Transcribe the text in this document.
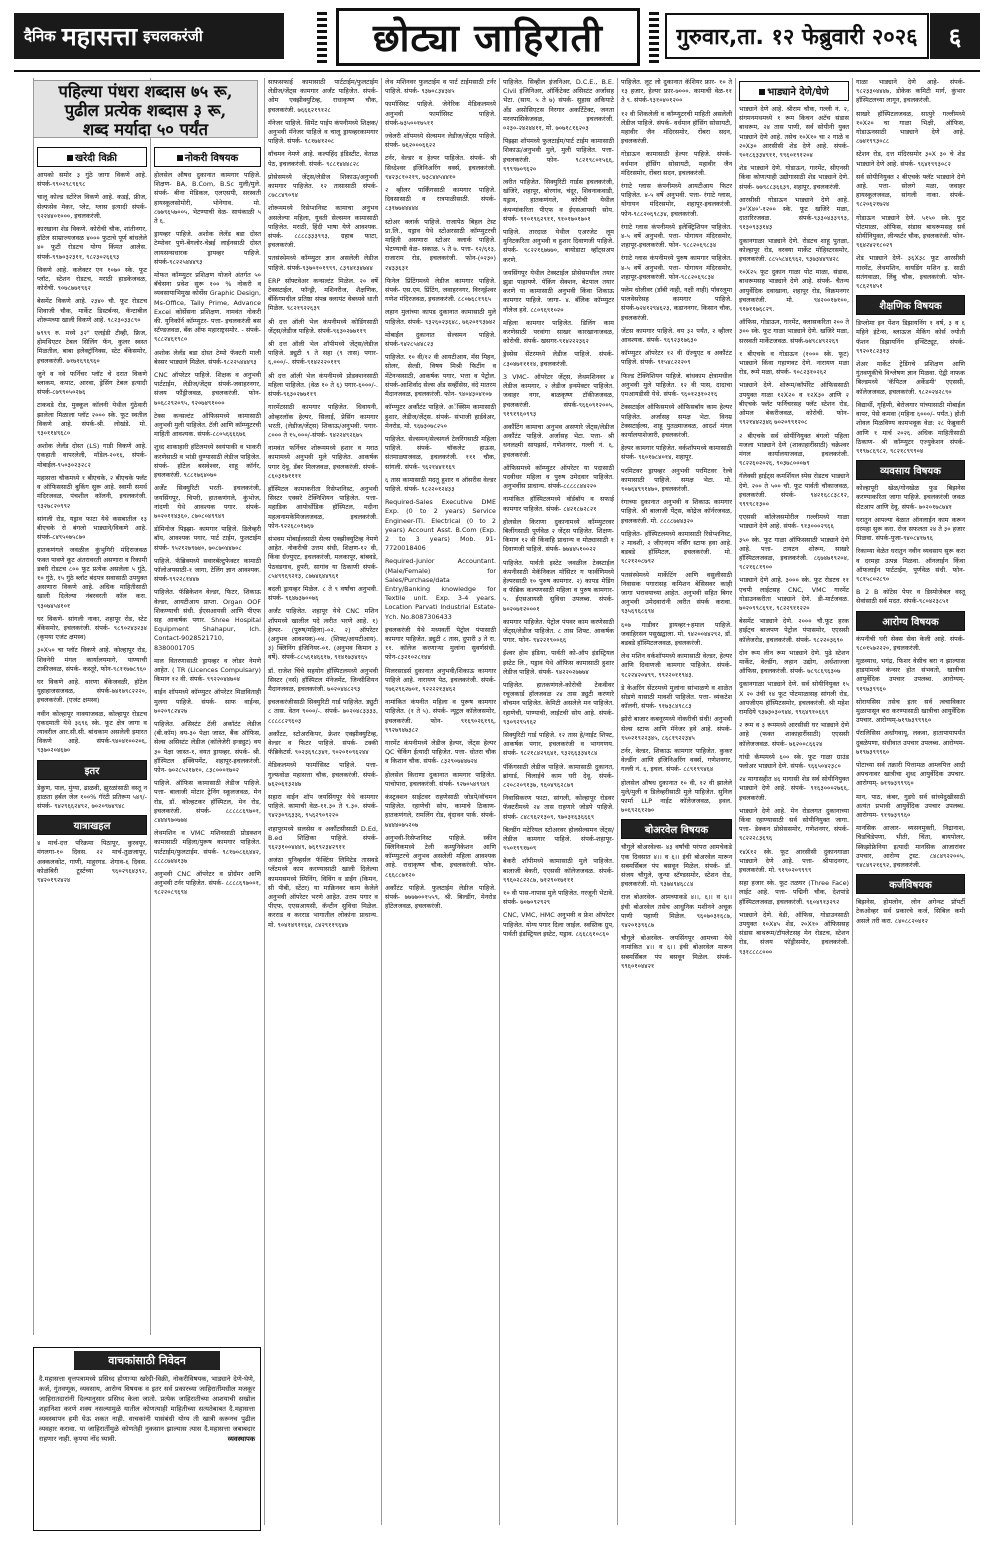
दैनिक महासत्ता इचलकरंजी	छोट्या जाहिराती	गुरुवार,ता. १२ फेब्रुवारी २०२६	६
पहिल्या पंधरा शब्दास ७५ रू,
पुढील प्रत्येक शब्दास ३ रू,
शब्द मर्यादा ५० पर्यंत
खरेदी विक्री

आयको समोर ३ गुंठे जागा विकणे आहे. संपर्क-९९०२९८९६९८

चालू कोल्ड स्टोरेज विकणे आहे. कडई, फ्रीज, सेल्फसेव मेकर, प्लेट, ग्लास इत्यादी संपर्क- ९२२४४०१०००, इचलकरंजी.

कारखाना शेड विकणे. कोरोची चौक, शांतीनगर, हॉटेल साम्राज्यजवळ ४००० फुटाचे पूर्ण बांधलेले ४० फूटी रोडटच योग्य किंमत आलेस. संपर्क-९९७०३२३११, ९८२३०२६६९३

विकणे आहे. कलेक्टर एन १०७० स्के. फूट प्लॉट, स्टेशन रोडटच, मराठी हाडकेजवळ, कोरोची. ९०७८७७१९६२

बेसमेंट विकणे आहे. २३४० चौ. फूट रोडटच शिवाजी चौक, मार्केट डिस्टर्बन्स, कॅन्टाबील शोरूमच्या खाली विकणे आहे. ९८२३०३३८९०

७९९९ रु. मध्ये ३२" एलईडी टीव्ही, फ्रिज, होमथिएटर टेबल सिलिंग फॅन, कुलर स्वस्त मिळतील, बाबा इलेक्ट्रॉनिक्स, स्टेट बँकेसमोर, इचलकरंजी. ७१७१६९६९६०

जुने व नवे फर्निचर प्लॉट चे दरात विकणे ब्लाकम, कपाट, आरवा, ड्रेसिंग टेबल इत्यादी संपर्क-८७९९०५०२७६

टाकवडे रोड, मुक्कूल कॉलनी येथील गुंठेवारी झालेला मिळाला प्लॉट २००० स्के. फूट स्वतील विकणे आहे. संपर्क-श्री. लोखंडे. मो. ९३०११४९६८०

अशोक लेलँड दोस्त (LS) गाडी विकणे आहे. एकहाती वापरलेली, मॉडेल-२०१६, संपर्क-मोबाईल-९५०३०२३२८२

महासत्ता चौकमध्ये १ बीएचके, २ बीएचके फ्लॅट व ऑफिससाठी बुकिंग सुरू आहे. स्वामी समर्थ मंदिरजवळ, पंचशील कॉलनी, इचलकरंजी. ९३२७८२०९९२

सांगली रोड, यड्राव फाटा येथे कसबातील १३ बीएचके रो बंगलो भाड्याने/विकणे आहे. संपर्क-८४९५०७५८७०

हातकणंगले जवळील कुंभुगिरी मंदिराजवळ फक्त पावणे कूट अंतरावरती असणारा व रिकामी डबरी रोडटच ८०० फूट प्रत्येक असलेला ५ गुंठे, १० गुंठे, १५ गुंठे ब्लॉट बंदपत्र सवासाठी उपयुक्त असणारा विकणे आहे. अधिक माहितीसाठी खाली दिलेल्या नंबरवरती कॉल करा. ९३०७४५४१०१

घर विकणे- सांगली नाका, शहापूर रोड, स्टेट बँकेसमोर, इचलकरंजी. संपर्क- ९८९०२४३२३४ (कृपया एजंट क्षमस्व)

३०X५० चा प्लॉट विकणे आहे. कोल्हापूर रोड, शिवनेरी मंगल कार्यालयमागे, पाण्याची टाकीजवळ, संपर्क- कस्तूरे, फोन-९८११७७८९६०

घर विकणे आहे. वारणा बँकेजवळी, हॉटेल युहाहाजसजवळ, संपर्क-७४१७९८२२२०, इचलकरंजी. (एजंट क्षमस्व)

नवीन कोल्हापूर नाक्याजवळ, कोल्हापूर रोडटच एकदमाती येथे ३६९६ स्के. फूट क्षेत्र जागा व त्यावरील आर.सी.सी. बांधकाम असलेली इमारत विकणे आहे. संपर्क-९४०४१००२०६, ९३७०२०४६७०

इतर

डेकुण, पाल, मुंग्या, ढाळवी, झुरळांसाठी वस्तू न हाळता हर्बल जेल १००% गॅरंटी प्रतिरूम ५४९/- संपर्क- ९४२९६६२४९२, ७०२०९७४९४८

यात्राखहल

४ मार्च-दत्त परिक्रमा पिठापूर, कुरवपूर, मंगलगा-१० दिवस. २२ मार्च-तुळजापूर, अक्कलकोट, गाणी, माहूरगड. शेगाव-६ दिवस. कोळंबिरी टूर्स्टच्या ९६०२९६४३९२, ९४२०१९२४२४

नोकरी विषयक

होलसेल औषध दुकानात कामगार पाहिजे. शिक्षण- BA, B.Com, B.Sc मुली/मुले. संपर्क- बीना मेडिकल, एलएसपी, सरस्वती हायस्कूलसोमोरी, भोनेगाव. मो. ८७७९६५७००५, भेटण्याची वेळ- सायंकाळी ५ ते ६.

ड्रायव्हर पाहिजे. अशोक लेलँड बडा दोस्त टेम्पोवर पुणे-बेंगलोर-चेन्नई लाईनसाठी दोस्त लायसन्सधारक ड्रायव्हर पाहिजे. संपर्क-९८२२५४४४९३

मोफत कॉम्प्युटर प्रशिक्षण योजने अंतर्गत ५० बॅचेसना प्रवेश सुरू १०० % नोकरी व व्यवसायाभिमुख कोर्सेस Graphic Design, Ms-Office, Tally Prime, Advance Excel कोर्सेसना प्रशिक्षण. नामवंत नोकरी की. युनिकॉर्न कॉम्प्युटर- पत्ता- इचलकरंजी बस स्टॅण्डजवळ, बँक ऑफ महाराष्ट्रसमोर. - संपर्क- ९८८२४६१९८०

अशोक लेलँड बडा दोस्त टेम्पो फॅक्टरी माली बेस्सर भाड्याने मिळेल. संपर्क-९८२२५४४४९३

CNC ऑपरेटर पाहिजे. शिक्षक व अनुभवी पार्टटाईम, लेडीज/जेंट्स संपर्क-जवाहरनगर, संजय फौंड्रीजवळ, इचलकरंजी. फोन- ७०६८२९२०९५, ९२०७४९१०००

टेक्स कन्सल्टंट ऑफिसमध्ये कामासाठी अनुभवी मुली पाहिजेत. टॅली आणि कॉम्प्युटरची माहिती आवश्यक. संपर्क-८८०५६६६६७६

शुध्द शाकाहारी हॉटेलमध्ये स्वयंपाकी व भाकरी करणेसाठी व भांडी धुण्यासाठी लेडीज पाहिजेत. संपर्क- हॉटेल बसवेश्वर, शाहू कॉर्नर, इचलकरंजी. ९८८१७६४०७०

अर्जेंट सिक्युरिटी भरती- इचलकरंजी, जयसिंगपूर, चिपरी, हातकणंगले, कुंभोज, नांदणी येथे आवश्यक पगार. संपर्क- ७०२०११४३६०, ८७०८०४९९४९

डोमिनोज पिझ्झा- कामगार पाहिजे. डिलेव्हरी बॉय, आवश्यक पगार, पार्ट टाईम, फुलटाईम संपर्क- ९५२१२७९७४०, ७०८७०४४७०८

पाहिजे. फॅब्रिक्मध्ये सवारबॅल्टुफेक्टर कामाठी फॉलोअपसाठी-१ जागा, टेलिंग ज्ञान आवश्यक. संपर्क-९९२२८१४४७

पाहिजेत. फॅब्रिकेशन वेल्डर, फिटर, शिकाऊ वेल्डर, आयटीआय प्राप्ता. Organ OOF शिकण्याची संधी. ईएसआयसी आणि पीएफ सह आकर्षक पगार. Shree Hospital Equipment Shahapur, Ich. Contact-9028521710, 8380001705

माल वितरणासाठी ड्रायव्हर व लोडर नेमणे आहेत. ( TR (Licences Compulsary) किमान १२ वी. संपर्क- ९९२२०४४७०४

वाईन शॉपमध्ये कॉम्प्युटर ऑपरेटर मिळविताही मुलगा पाहिजे. संपर्क- साफ वाईन्स, ७०२०९८२४२७

पाहिजेत. असिस्टंट टॅली अकॉटंट लेडीज (बी.कॉम) वय-३० पेक्षा जास्त, बैंक ऑफिस, सेल्स असिस्टंट लेडीज (कॉलेजेरी इन्ड्युट) वय ३० पेक्षा जास्त-१, वयत ड्रायव्हर. संपर्क- श्री. हॉस्पिटल इक्विपमेंट, शहापूर-इचलकरंजी. फोन- ७०२८५२१७१०, ८३८०००१७०२

पाहिजे. ऑफिस कामासाठी लेडीज पाहिजे. पत्ता- बालाजी मोटार ट्रेनिंग स्कूलजवळ, मेन रोड, डॉ. कोल्हटकर हॉस्पिटल, मेन रोड, इचलकरंजी. संपर्क- ८८८८८६९७०१, ८४४४९७०७७४

लेथमशिन व VMC मशिनसाठी प्रोडक्शन कामासाठी महिला/पुरूष कामगार पाहिजेत. पार्टटाईम/फुलटाईम. संपर्क- ९८१७०८६६४४२, ८८८८७४४१३७

अनुभवी CNC ऑपरेटर व प्रोग्रॅमर आणि अनुभवी टर्नर पाहिजेत. संपर्क- ८८८८६९७००१, ९८२२०८९६९४

साफसफाई कामासाठी पार्टटाईम/फुलटाईम लेडीज/जेंट्स कामगार अर्जंट पाहिजेत. संपर्क- ओम एक्झीक्युटिव्ह, राधाकृष्ण चौक, इचलकरंजी. ७६६६२१९१२८

मॅनेजर पाहिजे. सिमेंट पाईप कंपनीमध्ये शिक्षक/अनुभवी मॅनेजर पाहिजे व चालू ड्रायव्हरकामगार पाहिजे. संपर्क- ९८१७४१२०८

वॉचमन नेमणे आहे. कल्पहिंद इंडिस्टीट, वेताळ पेठ, इचलकरंजी. संपर्क- ९८८१४४४८२८

प्रोसेसमध्ये जेंट्स/लेडीज शिकाऊ/अनुभवी कामगार पाहिजेत. १२ तासासाठी संपर्क- ८७८८४९०९४

शोरूममध्ये रिसेप्शनिस्ट कामाचा अनुभव असलेल्या महिला, युवती सेल्समन कामासाठी पाहिजेत. मराठी, हिंदी भाषा येणे आवश्यक. संपर्क- ८८८८३३३९९३, ग्रहाब फाटा, इचलकरंजी.

पतसंस्थेमध्ये कॉम्प्युटर ज्ञान असलेली लेडीज पाहिजे. संपर्क-९३७०१०१९९९, ८३९४१३४७४४

ERP सॉफ्टवेअर कन्सल्टंट मिळेल. २० वर्षे टेक्सटाईल, फॉन्ड्री, मशिनरीज, शैक्षणिक, बँकिंगमधील प्रतिष्ठा संपन्न क्लायंट वेबध्यवे धाती मिळेल. ९८२१९२२६३९

श्री दत्त ऑली भेल कंपनीमध्ये कोडिंगसाठी जेंट्स/लेडीज पाहिजे. संपर्क-९६३०२७७११९

श्री दत्त ऑली भेल शॉपीमध्ये जेंट्स/लेडीज पाहिजे. ड्युटी ९ ते सहा (९ तास) पगार- ६,०००/-. संपर्क-९१४२२२०११९

श्री दत्त ऑली भेल कंपनीमध्ये प्रोडक्शनसाठी महिला पाहिजेत. (वेळ १० ते ६) पगार-६०००/-. संपर्क-९६३०२७७११९

गारमेंटसाठी कामगार पाहिजेत. धिवायनी, ओव्हरलॉक हेल्पर, सिलाई, प्रेसिंग कामगार भरती, (लेडीज/जेंट्स) शिकाऊ/अनुभवी. पगार- ८००० ते १५,०००/-संपर्क- ९४२२४९२६७५

नामवंत फर्निचर शोरूममध्ये हशार व मराठ कामामध्ये अनुभवी मुले पाहिजेत. आकर्षक पगार देवू. डॅबर मिलजवळ, इचलकरंजी. संपर्क- ८६०३१७११११

हॉस्पिटल कामाकरीता रिसेप्शनिस्ट, अनुभवी सिस्टर एक्सरे टेक्निशियन पाहिजेत. पत्ता- महाडिक आयोर्थोडिक हॉस्पिटल, मदीना महत्वनामकेमिजलजवळ, इचलकरंजी. फोन-९२२६८०१७६७

संभवम मोबाईलसाठी सेल्स एक्झीक्युटिव्ह नेमणे आहेत. नोकरीची उत्तम संधी, शिक्षण-१२ वी, किंवा ग्रॅज्युएट, इचलकरंजी, मलकापूर, बांबवडे, पेठवडगाव, हुपरी, सागांव या ठिकाणी संपर्क- ८५४९९६९२१३, ८७७४६४४९६१

बदली ड्रायव्हर मिळेल. ८ ते ९ वर्षांचा अनुभवी. संपर्क- ९६४७३७००७६

अर्जंट पाहिजेत. शहापूर येथे CNC मशिन शॉपमध्ये खालील पदे त्वरीत भरणे आहे. १) हेल्पर- (पुरुष/महिला)-०२. २) ऑपरेटर (अनुभव आवश्यक)-०४. (शिफ्ट/आयटीआय). ३) क्लिनिंग इंजिनियर-०१. (अनुभव किमान ३ वर्षे). संपर्क-८८५६१४६६१७, ९१४१७३४१६५

डॉ. राजेश चिंचे सहयोग हॉस्पिटलमध्ये अनुभवी सिस्टर (नर्स) हॉस्पिटल मॅनेजमेंट, जिन्सीशियन मैदानजवळ, इचलकरंजी. ७०२०४४८२९३

इचलकरंजीसाठी सिक्युरिटी गार्ड पाहिजेत. ड्युटी ८ तास. वेतन ९०००/-. संपर्क- ७०२०४८३३३३, ८८८८८२९६०३

अकौंटट, स्टोअरकिपर, फ्रेशर एक्झीक्युटिव्ह, वेल्डर व फिटर पाहिजे. संपर्क- टक्की फॅब्रिकेटर्स. ९०२३६९८३४१, ९०२०१०९६२४४

मेडिकलमध्ये फार्मासिस्ट पाहिजे. पत्ता- गुल्फवोळ महासत्ता चौक, इचलकरंजी. संपर्क- ७६२०६१३२४७

सहारा वाईन शॉप जयसिंगपूर येथे कामगार पाहिजे. कामाची वेळ-११.३० ते ९.३०. संपर्क- ९४२३०९६३३६, ९५६२९०९२२०

शहापुरमध्ये सलसेस व अकौंटसीसाठी D.Ed, B.ed शिक्षिका पाहिजे. संपर्क- ९६२३१००४४४९, ७६१९२३४२९११

अजंठा युनिव्हर्सल फॅक्टिंस लिमिटेड तासवडे प्लँटमध्ये काम करण्यासाठी खाली दिलेल्या काममसमध्ये स्पिनिंग, विविंग व डाईंग (किमन, सी पीबी, स्टेंटर) या माक्रिनवर काम केलेले अनुभवी ऑपरेटर भरणे आहेत. उत्तम पगार व पीएफ, एएसआयसी, कॅन्टीन सुविधा मिळेल. करराड व करराड भागातील लोकांना प्राधान्य. मो. ९०४१४९११६४, ८४२९११९६४७

लेथ मशिनवर फुलटाईम व पार्ट टाईमसाठी टर्नर पाहिजे. संपर्क- ९३७०८३४३४५

फार्मासिस्ट पाहिजे. जेनेरिक मेडिकलमध्ये अनुभवी फार्मासिस्ट पाहिजे. संपर्क-७३५००१७५११

ज्वेलरी शॉपमध्ये सेल्समन लेडीज/जेंट्स पाहिजे. संपर्क- ७६२०००६६२२

टर्नर, वेल्डर व हेल्पर पाहिजेत. संपर्क- श्री सिध्देश्वर इंजिनिअरिंग वर्क्स, इचलकरंजी. ९४२३८१०२१९, ७३८४४५४४१०

२ व्हीलर पार्किंगसाठी कामगार पाहिजे. दिवसासाठी व रात्रपाळीसाठी. संपर्क- ८३१७७४४४४४

स्टोअर क्लार्क पाहिजे. राजापेठ बिहल टेस्ट प्रा.लि., यड्राव येथे स्टोअरसाठी कॉम्प्युटरची माहिती असणारा स्टोअर क्लार्क पाहिजे. भेटण्याची वेळ- सकाळ. ५ ते ७. पत्ता- १२/६१३, राजाराम रोड, इचलकरंजी. फोन-(०२३०) २४३३६३१

फिनेल प्रिंटिंगमध्ये लेडीज कामगार पाहिजे. संपर्क- एस.एम. प्रिंटिंग, जवाहरनगर, विरन्ईश्वर गणेश मंदिरजवळ, इचलकरंजी. ८८०७६८१९६५

लहान मुलांच्या कापड दुकानात कामासाठी मुले पाहिजेत. संपर्क- ९३२६०२३६४८, ७६२०१९३७४२

मोबाईल दुकानात सेल्समन पाहिजे. संपर्क-९४२८५४४८२३

पाहिजेत. १० वी/१२ वी आयटीआय, मॅस मिहन, सोलर, सेल्डी, विषय मिश्री फिटींग व मेंटेनन्ससाठी, आकर्षक पगार, भत्ता व पेट्रोल. संपर्क-आशिर्वाद सेल्स अँड सर्व्हीसेस, वंदे मातरम मैदानजवळ, इचलकरंजी. फोन- ९४०४३०४१०७

कॉम्प्युटर अकौंटंट पाहिजे. अॅक्सिम कामासाठी हुशार, लेडीज/जेंट्स. संपर्क- संभाजी हार्डवेअर, मेनरोड, मो. ९६७३०७८२५०

पाहिजेत. सेल्समन/सेल्सगर्ल टेलरिंगसाठी महिला पाहिजे. संपर्क- चॉकलेट हाऊस, संतमाळ्याजवळ, इचलकरंजी. १११ चाैक, सांगली. संपर्क- ९६२१४४११६९

६ तास कामासाठी मदतू हुशार व ऑसरीस वेल्डर पाहिजे. संपर्क- ९८२२०१२४३३

Required-Sales Executive DME Exp. (0 to 2 years) Service Engineer-ITI. Electrical (0 to 2 years) Account Asst. B.Com (Exp. 2 to 3 years) Mob. 91-7720018406

Required-Junior Accountant. (Male/Female) for Sales/Purchase/data Entry/Banking knowledge for Textile unit. Exp. 3-4 years. Location Parvati Industrial Estate-Ych. No.8087306433

इचलकरंजी येथे मध्यवर्ती पेट्रोल पंपासाठी कामगार पाहिजेत. ड्युटी ८ तास, दुपारी ३ ते रा. ११. कॉलेज करणाऱ्या मुलांना सुवर्णसंधी. फोन-८३२१०२८१४४

मिलरसाडर्स दुकानात अनुभवी/शिकाऊ कामगार पाहिजे आहे. नारायण पेठ, इचलकरंजी. संपर्क- ९७६२९६२७०१, ९२२२२१३४६२

नामांकित कंपनीत महिला व पुरूष कामगार पाहिजेत. (१ ते ५). संपर्क- न्यूट्रल कॉलेजसमोर, इचलकरंजी. फोन- ९१६९०२६१९६, ९९२७९४७३८२

गारमेंट कंपनीमध्ये लेडीज हेल्पर, जेंट्स हेल्पर QC चेकिंग ईत्यादी पाहिजेत. पत्ता- धोतरा चौक व किशान चौक. संपर्क- ८३२९०७४४७२४

होलसेल किराणा दुकानात कामगार पाहिजेत. पाचोपारा, इचलकरंजी. संपर्क- ९२७०५४९९४९

कंस्ट्रक्शन साईटवर राहणेसाठी जोडपे/वॉचमन पाहिजेत. रहाणेची सोय, कामाचे ठिकाण-हातकणंगले, रामलिंग रोड, वृंदावन पार्क. संपर्क- ७४४४०७५२०७

अनुभवी-रिसेप्शनिस्ट पाहिजे. स्कीन क्लिनिकमध्ये टेली कम्युनिकेशन आणि कॉम्प्युटरचे अनुभव असलेली महिला आवश्यक आहे. राधाकृष्ण चौक, इचलकरंजी. फोन- ८६६८८७१२०

अकौंटंट पाहिजे. फुलटाईम लेडीज पाहिजे. संपर्क- ७७७७००१५५९, श्री. बिल्डींग, मेनरोड हॉटेलजवळ, इचलकरंजी.

पाहिजेत. सिव्हील इंजनिअर, D.C.E., B.E. Civil इंजिनिअर, ऑर्किटेक्ट असिस्टंट अर्जासह भेटा. (साय. ५ ते ७) संपर्क- सुहास अकियाटे अँड असोसिएटस निरगार अकर्टिटेक्ट, जनता मरनपासिकेजवळ, इचलकरंजी. ०२३०-२४२४४११, मो. ७०७१८१६२०३

पिझ्झा शॉपमध्ये फुलटाईम/पार्ट टाईम कामासाठी शिकाऊ/अनुभवी मुले, मुली पाहिजेत. पत्ता- इचलकरंजी. फोन- ९८२१९८०१५६६, ९९९९७०९६२०

त्वरीत पाहिजेत. सिक्युरिटी गार्डस इचलकरंजी, खंजिरे, शहापूर, बोरगांव, चंदूर, शिवनाकवाडी, यड्राव, हातकणंगले, कोरोची येथील कंपन्यांकरिता पीएफ व ईएसआयसी सोय. संपर्क- ९१०१९६२९११, ९१०१७०१७०१

पाहिजे. तारदाळ येथील एअरजेट लूम युनिटकरिता अनुभवी व हुशार दिवाणजी पाहिजे. संपर्क- ९८२२१६७७७०, बायोडाटा व्हॉट्सअप करणे.

जयसिंगपूर येथील टेक्स्टाईल प्रोसेसमधील तयार झुडा पाहायणे. पॅकिंग सेक्शन, बेटपाल तयार करणे या कामासाठी अनुभवी किंवा शिकाऊ कामगार पाहिजे. जागा- ४. बॅलिक कॉम्प्युटर नॉलेज हवे. ८८०९६९१०२०

महिला कामगार पाहिजेत. डिलिंग काम करणेसाठी परवांगा साखर कारखानाजवळ, कोरोची. संपर्क- खसगर-९१४२२२३६२

ड्रेस्सेस सेंटरमध्ये लेडीज पाहिजे. संपर्क- ८३०४७११११४, इचलकरंजी.

3 VMC- ऑपरेटर जेंट्स, लेथमशिनवर ४ लेडीज कामगार, २ लेडीज इन्स्पेक्टर पाहिजेत. जवाहर नगर, बाळकृष्ण टॉकीजजवळ, इचलकरंजी. संपर्क-९६६०९१२००५, ९१९१९६०९९३

अकौंटिंग कामाचा अनुभव असणारे जेंट्स/लेडीज अकौंटंट पाहिजे. अर्जासह भेटा. पत्ता- श्री धनलक्ष्मी सायझर्स, गणेशनगर, गल्ली नं. ६, इचलकरंजी.

ऑफिसमध्ये कॉम्प्युटर ऑपरेटर या पदासाठी पदवीधर महिला व पुरुष उमेदवार पाहिजेत. अनुभवींस प्राधान्य. संपर्क-८८८८८४४२२०

नामांकित हॉस्पिटलमध्ये वॉर्डबॉय व सफाई कामगार पाहिजेत. संपर्क- ८४२१८७२८२१

होलसेल किराणा दुकानामध्ये कॉम्प्युटरवर बिलींगसाठी पूर्णवेळ २ जेंट्स पाहिजेत. शिक्षण- किमान १२ वी किंवाहि प्राधान्य व मोठ्यासाठी १ दिवाणजी पाहिजे. संपर्क- ७७४४५१००२२

पाहिजेत. पार्वती इस्टेट जवळील टेक्स्टाईल कंपनीसाठी मेकॅनिकल मॉसिटर ग फार्वणिमध्ये हेल्परसाठी १० पुरुष कामगार. २) कापड मेडिंग व फॅब्रिक कल्पणसाठी महिला व पुरुष कामगार- ५. ईएसआयसी सुविधा उपलब्ध. संपर्क- ७०२०७१२०००१

कामगार पाहिजेत. पेट्रोल पंपवर काम करणेसाठी जेंट्स/लेडीज पाहिजेत. ८ तास शिफ्ट. आकर्षक पगार. फोन- ९४२२१९००६६

ईश्वर होम इंडिया, पार्वती को-ऑप इंडस्ट्रियल इस्टेट लि., यड्राव येथे ऑफिस कामासाठी हुशार लेडीज पाहिजे. संपर्क- ९४२२०२७७७४

पाहिजेत. हातकणंगले-कोरोची टेकवीवर रचूजकार्ड हॉलजवळ २४ तास ड्युटी करणारे वॉचमन पाहिजेत. केमिटी असलेले मन पाहिजेत. रहाणेची, पाण्याची, लाईटची सोय आहे. संपर्क- ९३०९२९५९६२

सिक्युरिटी गार्ड पाहिजे. १२ तास हे/नाईट शिफ्ट, आकर्षक पगार, इचलकरंजी व भागगणय. संपर्क- ९८२१८४२९६४१, ९३२६६३३४१८४

पॅकिंगसाठी लेडीज पाहिजे. कामासाठी दुकानत, ब्रांगार्ड, चिलाईचे काम घरी देवू. संपर्क- ८२०८२०९१३७, ९६०४९६२८७९

निवासिकरण फाटा, सांगली, कोल्हापूर रोडवर फॅक्टरीमध्ये २४ तास राहणारे जोडपे पाहिजे. संपर्क- ८४८९६२१३०९, ९७०३१६३६६६९

बिल्डींग मटेरियल स्टोअरवर होलसेल्समन जेंट्स/लेडीज कामगार पाहिजे. संपर्क-शहापूर- ९५०१९९१७०९

बेकरी शॉपीमध्ये कामासाठी मुले पाहिजेत. बालाजी बेकरी, एएससी कॉलेजजवळ. संपर्क- ९९६०२८२२८७, ७१२९०१७१११

१० वी पास-नापास मुले पाहिजेत. गरजूनी भेटावे. संपर्क- ७०७०९२९२९

CNC, VMC, HMC अनुभवी व फ्रेश ऑपरेटर पाहिजेत. योग्य पगार दिला जाईल. स्वस्तिक ग्रुप, पार्वती इंडस्ट्रियल इस्टेट, यड्राव. ८६६८६१०८६०

पाहिजेत. लूट लो दुकानात कॅशियर फ्रार- १० ते १३ हजार, हेल्पर फ्रार-७०००. कामाची वेळ-११ ते ९. संपर्क-९३१०४०१२००

१२ वी शिकलेली व कॉम्प्युटरची माहिती असलेली लेडीज पाहिजे. संपर्क- वर्धमान हॉसिंग सोसायटी, महावीर जैन मंदिरसमोर, रोंबरा सदन, इचलकरंजी.

गोडाऊन कामासाठी हेल्पर पाहिजे. संपर्क- वर्धमान हॉसिंग सोसायटी, महावीर जैन मंदिरसमोर, रोंबरा सदन, इचलकरंजी.

रंगाटे ग्लास कंपनीमध्ये आयटीआय फिटर पाहिजेत. ४-५ वर्षे अनुभवी. पत्ता- रंगाटे ग्लास, योगायन मंदिरसमोर, शहापूर-इचलकरंजी. फोन-९८८२०६९८३४, इचलकरंजी.

रंगाटे ग्लास कंपनीमध्ये इलेक्ट्रिशियन पाहिजेत. ४-५ वर्षे अनुभवी. पत्ता- योगायन मंदिरसमोर, शहापूर-इचलकरंजी. फोन- ९८८२०६९८३४

रंगाटे ग्लास कंपनीमध्ये पुरुष कामगार पाहिजेत. ४-५ वर्षे अनुभवी. पत्ता- योगायन मंदिरसमोर, शहापूर-इचलकरंजी. फोन-९८८२०६९८३४

फ्लेम धोलीवर (डाँबी नाही, नक्षी नाही) पॉवरलूमा पालवेसरेसह कामगार पाहिजे. संपर्क-७२४१२९४६२३, कडाननगर, किसान चौक, इचलकरंजी.

जेंटस कामगार पाहिजे. वय ३२ पर्यंत, २ व्हीलर आवश्यक. संपर्क- ९६९२३१७६३०

कॉम्प्युटर ऑपरेटर १२ वी ग्रॅज्युएट व अकौंटंट पाहिजे. संपर्क- ९१५४८२२२०९

फिल्ड टेक्निशियन पाहिजे. बांधकाम क्षेत्रामधील अनुभवी मुले पाहिजेत. १२ वी पास, दादाचा एमआयडीसी येथे. संपर्क- ९६०१२३१०२१६

टेक्सटाईल ऑफिसमध्ये ऑफिसबॉय काम हेल्पर पाहिजेत. अर्जासह समक्ष भेटा. विनम्र टेक्सटाईल्स, शाहू पुतळ्याजवळ, आदर्श मंगल कार्यालयाशेजारी, इचलकरंजी.

हेल्पर कामगार पाहिजेत. वर्कशॉपमध्ये कामासाठी संपर्क- ९६०१७८४०१४, शहापूर.

परमिटवर ड्रायव्हर अनुभवी परमिटवर रेल्वे कामासाठी पाहिजे. समक्ष भेटा. मो. ९०७६४९९१४७०, इचलकरंजी.

रंगाच्या दुकानात अनुभवी व शिकाऊ कामगार पाहिजे. श्री बालाजी पेंट्स, कोद्रेज कॉर्नरजवळ, इचलकरंजी. मो. ८८८८७४४३२०

पाहिजेत- हॉस्पिटलमध्ये कामासाठी रिसेप्शनिस्ट, २ मावशी, २ जीएनएम नर्सिंग स्टाफ हवा आहे. बडबडे हॉस्पिटल, इचलकरंजी. मो. ९८२१२०८७९२

पतसंस्थेमध्ये मार्केटिंग आणि वसुलीसाठी निवासक पगारासह कमिशन बेसिसवर काही जागा भरावयाच्या आहेत. अनुभवी सहित बिगर अनुभवी उमेदवारांनी त्वरीत संपर्क करावा. ९३५६९६८६९४

६०७ गाडीवर ड्रायव्हर+हमाल पाहिजे. जवाहिरसन पसुखद्वाला. मो. ९४२००४४२९२, डॉ. बडबडे हॉस्पिटलजवळ, इचलकरंजी.

लेथ मशिन वर्कशॉपमध्ये कामासाठी वेल्डर, हेल्पर आणि दिवाणजी कामगार पाहिजेत. संपर्क- ९८२२४२०४९९, ९९२२०११९४३.

डे केअरिंग सेंटरमध्ये मुलांना सांभाळणे व शाळेत सोडणे यासाठी मावशी पाहिजेत. पत्ता- व्यंकटेश कॉलनी, संपर्क- ९१७३८४९८८३

झोरो बाजार कबनूरमध्ये नोकरीची संधी! अनुभवी सेल्स स्टाफ आणि मॅनेजर हवे आहे. संपर्क- ९५०२१९२२३४५, ८६८१९२२३४५

टर्नर, वेल्डर, शिकाऊ कामगार पाहिजेत. कुकर वेल्डींग आणि इंजिनिअरिंग वर्क्स, गणेशनगर, गल्ली नं. ६, इचल. संपर्क- ८८९१९९४६४

होलसेल औषध दुकानात १० वी, १२ वी झालेले मुले/मुली व डिलेव्हरीसाठी मुले पाहिजेत. सुनिल फार्मा LLP नाईट कॉलेजजवळ, इवल. ७०६९२६१२७०

बोअरवेल विषयक

चौगुले बोअरवेल्स- ४३ वर्षांची परंपरा आमचेकडे एक दिवसात ४।। व ६।। इंची बोअरवेल मारून सबमर्सिबल पंप बसवून मिळेल. संपर्क- डॉ. संजय चौगुले, जुन्या स्टॅण्डसमोर, स्टेशन रोड, इचलकरंजी. मो. ९३७४९४६८८४

राज बोअरवेल- आमच्याकडे ४।।, ६।। व ६।। इंची बोअरवेल तसेच आधुनिक मशीनने अचूक पाणी पहाणी मिळेल. ९६०७०३१६८७, ९४२०१३९६८७

चौगुले बोअरवेल- जयसिंगपूर आमच्या येथे नामांकित ४।। व ६।। इंची बोअरवेल मारून सबमर्सिबल पंप बसवून मिळेल. संपर्क- ९९६०१०४४२१

भाड्याने देणे/घेणे

भाड्याने देणे आहे. श्रीराम चौक, गल्ली नं. २, संगमनमथमध्ये १ रूम किचन अटॅच संडास बाथरूम, २४ तास पाणी, सर्व सोयीनी युक्त भाड्याने देणे आहे. तसेच १०X१० चा २ गाळे व २०X३० आरसीसी शेड देणे आहे. संपर्क- ९०१८६३३४९११, ९९६०१९१२०४

शेड भाड्याने देणे. गोडाऊन, गारमेंट, सीएनसी किंवा कोणत्याही उद्योगासाठी शेड भाड्याने देणे. संपर्क- ७७९८८३६६३९, शहापूर, इचलकरंजी.

आरसीसी गोडाऊन भाड्याने देणे आहे. ३०'X४०'-१२०० स्के. फूट खजिरे मळा, दातारिरजवळ. संपर्क-९३३०४३३९९३, ९१३०९३३१४३

दुकानगाळा भाड्याने देणे. रोडटच शाहू पुतळा, कोल्हापूर रोड, वरक्या मार्केट मोहिस्टरसमोर, इचलकरंजी. ८८५५८४६९६२, ९३७३४४९४२८

१०X२५ फूट दुकान गाळा पोट माळा, संडास, बाथरूमसह भाड्याने देणे आहे. संपर्क- चैतन्य आयुर्वेदिक दवाखाना, शहापूर रोड, विक्रमनगर इचलकरंजी. मो. ९४२००१७१००, ९१७११७६८२९.

ऑफिस, गोडाऊन, गारमेंट, क्लासकरिता २०० ते ३०० स्के. फूट गाळा भाड्याने देणे. खजिरे मळा, सरस्वती मार्केटजवळ. संपर्क-७४९८४९२२६९

१ बीएचके व गोडाऊन (१००० स्के. फूट) भाड्याने किंवा गहाणवट देणे. नारायण मळा रोड, रूमे मळा, संपर्क- ९०८२३१०२६२

भाड्याने देणे. शोरूम/कॉर्पोरेट ऑफिससाठी उपयुक्त गाळा १२X२० व १२X३० आणि २ बीएचके फ्लॅट फर्निचरसह फ्लॅट स्टेशन रोड, ओमल बेकरीजवळ, कोरोची. फोन- ९९२१४४२३४६ ७०२०९९१२०८

२ बीएचके सर्व सोयींनियुक्त बंगलो पहिला मजला भाड्याने देणे (शाकाहारींसाठी) चक्रेश्वर मंगल कार्यालयाजवळ, इचलकरंजी. ९८२२६०२०२६, ९०३७८०००७९

गॅलेक्सी हाईट्स कमर्शियल स्पेस रोडटच भाड्याने देणे. २०० ते ५०० चौ. फूट पार्वती चौकाजवळ, इचलकरंजी. संपर्क- ९४२१६८८३८१२, ९९९९८१३००

एएससी कॉलेजसमोरील गल्लीमध्ये गाळा भाड्याने देणे आहे. संपर्क- ९१३०००२९६६

३५० स्के. फूट गाळा ऑफिससाठी भाड्याने देणे आहे. पत्ता- टायटन शोरूम, साखरे हॉस्पिटलजवळ, इचलकरंजी. ८६७४७१९२०४, ९८२१६८१९००

भाड्याने देणे आहे. ३००० स्के. फूट रोडटच ११ एचपी लाईटसह CNC, VMC गारमेंट गोडाउनकरीता भाड्याने देणे. डी-मार्टजवळ. ७०२०९९८६९१, ९८२२९११२२०

बेसमेंट भाड्याने देणे. २००० चौ.फूट हरक हाईट्च बाजपण पेट्रोल पंपासमोर, एएससी कॉलेजरोड, इचलकरंजी. संपर्क- ९८२२०३६९०

दोन रूम लीन रूम भाड्याने देणे. पुढे स्टेशन मार्केट, वेल्डींग, लहान उद्योग, अर्धशाज्जा ऑफिस, इचलकरंजी. संपर्क- ७८९८६९६३०७

दुकानगाळा भाड्याने देणे. सर्व सोयीनियुक्त १५ X २० उंची १४ फूट पोटमाळासह सांगली रोड, आयजीएम हॉस्पिटसमोर, इचलकरंजी. श्री महेश रामदिये ९३७३०३०९४४, ९९६४९१०६६९

२ रूम व ३ रूममध्ये आरसीसी घर भाड्याने देणे आहे (फक्त शाकाहारींसाठी) एएससी कॉलेजजवळ. संपर्क- ७६२००८६६२४

गांधी कॅम्पमध्ये ६०० स्के. फूट गाळा ग्राउंड फ्लोअर भाड्याने देणे. संपर्क- ९६६५०४२३८०

२४ मागासहीत ४६ मागासी शेड सर्व सोयीनियुक्त भाड्याने देणे आहे. संपर्क- ९१६३०००२७६६, इचलकरंजी.

भाड्याने देणे आहे. मेन रोडलगत दुकानाच्या किंवा रहाण्यासाठी सर्व सोयीनियुक्त जागा. पत्ता- डेक्कन प्रोसेससमोर, गणेशनगर, संपर्क- ९८२२२८३६९६

१४X१२ स्के. फूट आरसीसी दुकानगाळा भाड्याने देणे आहे. पत्ता- श्रीपादनगर, इचलकरंजी. मो. ९१९०२०९९९९

सहा हजार स्के. फूट तळघर (Three Face) लाईट आहे. पत्ता- पद्मिनी चौक, देशपांडे हॉस्पिटलजवळ, इचलकरंजी. ९६०४९१३२९२

भाड्याने देणे. वेडी, ऑफिस, गोडाउनसाठी उपयुक्त १०X४५ शेड, २०X१० ऑफिससह संडास बाथरूम/टॉयलेटसह मेन रोडटच, स्टेशन रोड, संजय फॉड्रीसमोर, इचलकरंजी. ९३१८८८८०००

गाळा भाड्याने देणे आहे- संपर्क- ९८२३३०४४४७, डोकेक कमिटी मार्ग, कुंभार हॉस्पिटलच्या लागून, इचलकरंजी.

साखरे हॉस्पिटलजवळ, सात्पुरे गल्लीमध्ये १०X२० चा गाळा भिक्षी, ऑफिस, गोडाऊनसाठी भाड्याने देणे आहे. ८७४१९९३०८८

स्टेशन रोड, दत्त मंदिरसमोर ३०X ३० चे शेड भाड्याने देणे आहे. संपर्क- ९६४१९९३०८२

सर्व सोयीनियुक्त २ बीएचके फ्लॅट भाड्याने देणे आहे. पत्ता- सोलगे मळा, जवाहर हायस्कूलजवळ, सांगली नाका. संपर्क- ९८२०६२१७२४

गोडाऊन भाड्याने देणे. ५१५० स्के. फूट पोटमाळा, ऑफिस, संडास बाथरूमसह सर्व सोयींनियुक्त, लीन्फर्टर चौक, इचलकरंजी. फोन- ९६४२४२१८०२९

शेड भाड्याने देणे- ३६X३८ फूट आरसीसी गारमेंट, लेथमशिन, वायडिंग मशिन इ. साठी सतंगवाळा, लिंबु चौक, इचलकरंजी. फोन- ९८६२९४५१

शैक्षणिक विषयक

डिप्लोमा इन पेंशन डिझायनिंग १ वर्ष, ३ व ६ महिने इंटेन्स, ब्लाऊज मेकिंग कोर्स ज्योती फॅशन डिझायनिंग इन्स्टिट्यूट, संपर्क- ९९२०१८२३१३

शेअर मार्केट ट्रेडिंगचे प्रशिक्षण आणि गुंतवणूकीचे विश्लेषण ज्ञान मिळवा. ऐद्वी नाफक बिल्डमध्ये 'कॅपिटल अर्केडमी' एएससी, कॉलेजजवळ, इचलकरंजी. ९८२०२४२८९०

विद्यार्थी, गृहिणी, बेरोजगार यांच्यासाठी मोबाईल वापर, पेसे कमवा (महिना ६०००/- पर्यंत.) होती शोवल मिळविण्य कामभवूक वेळ: २८ फेब्रुवारी आणि १ मार्च २०२६. अधिक माहितीसाठी ठिकाण- श्री कॉम्प्युटर एज्युकेशन संपर्क- ९१९७८६९८२, ९८२१८९९९०४

व्यवसाय विषयक

कोल्हापूरी खेळ/गोनखेळ फुड बिझनेस करण्याकरिता जागा पाहिजे. इचलकरंजी जवळ सेटआप आणि देवू. संपर्क- ७०२०१७८७४१

घरातुन आपल्या वेळात ऑनलाईन काम करून दरमहा सुरू करा. रोज सफलता २४ ते ३० हजार मिळवा. संपर्क-पुजा-९४०८४१७९६

रिकाम्या वेळेत घरातुन नवीन व्यवसाय सुरू करा व दरमहा उत्पन्न मिळवा. ऑनलाईन किंवा ऑफलाईन पार्टटाईम, पूर्णवेळ संधी. फोन- ९८१५८०२८९०

B 2 B कॉटेस पेपर व डिस्पोजेबल वस्तू सेवांसाठी सर्व मदत. संपर्क-९८०४२३८५१

आरोग्य विषयक

कंपनीची घरी सेक्स सेवा केली आहे. संपर्क- ९८०१५७२२२०, इचलकरंजी.

मूळव्याध, भगंद्र, फिशर वेसीच बरा न झाल्यास हाडयांमध्ये कंन्सर होत संभवतो, खात्रीचा आयुर्वेदिक उपचार उपलब्ध. आरोग्यम्- ९१९७३९९६०

सोरायसिस तसेच इतर सर्व त्वचाविकार मुळापासून बरा करण्यासाठी खात्रीचा आयुर्वेदिक उपचार. आरोग्यम्-७१९७३९९९६०

पॅरालिसिस अर्धांगवायू, लकवा, हातापायापर्यंत दुबळेपणा, संधीवात उपचार उपलब्ध. आरोग्यम- ७१९७३९९९६०

पोटाच्या सर्व तक्रारी पित्तामळ आम्लपित्त आदी अपचनावर खात्रीचा शुध्द आयुर्वेदिक उपचार. आरोग्यम्- ७१९७३९९९६०

मान, पाठ, कंबर, गुडघे सर्व सांध्येदुखीसाठी अत्यंत प्रभावी आयुर्वेदिक उपचार उपलब्ध. आरोग्यम- ९१९७३९९६०

मानसिक आजार- व्यसनमुक्ती, निद्रानाश, चिडचिडेपणा, भीती, चिंता, बायपोलर, स्किझोफ्रेनिया इत्यादी मानसिक आजारांवर उपचार, आरोग्य ट्रस्ट. ८४८४९२२००५, ९४८४९२१६९२, इचलकरंजी.

कर्जविषयक

बिझनेस, होमलोन, लोन अगेन्स्ट प्रॉपर्टी टेकओव्हर सर्व प्रकारचे कर्ज, सिबिल कमी असले तरी करा. ८४०८८२०४१२

वाचकांसाठी निवेदन
दै.महासत्ता वृत्तपत्रामध्ये प्रसिध्द होणाऱ्या खरेदी-विक्री, नोकरीविषयक, भाड्याने देणे-घेणे, कर्ज, गुंतवणूक, व्यवसाय, आरोग्य विषयक व इतर सर्व प्रकारच्या जाहिरातींमधील मजकूर जाहिरातदारांनी दिल्यानुसार प्रसिध्द केला जातो. प्रत्येक जाहिरातीच्या आशयाची सखोल शहानिशा करणे शक्य नसल्यामुळे यातील कोणत्याही माहितीच्या सत्यतेबाबत दै.महासत्ता व्यवस्थापन हमी घेऊ शकत नाही. वाचकांनी यासंबंधी योग्य ती खात्री करूनच पुढील व्यवहार करावा. या जाहिरातींमुळे कोणतेही नुकसान झाल्यास त्यास दै.महासत्ता जबाबदार राहणार नाही. कृपया नोंद घ्यावी.	व्यवस्थापक
